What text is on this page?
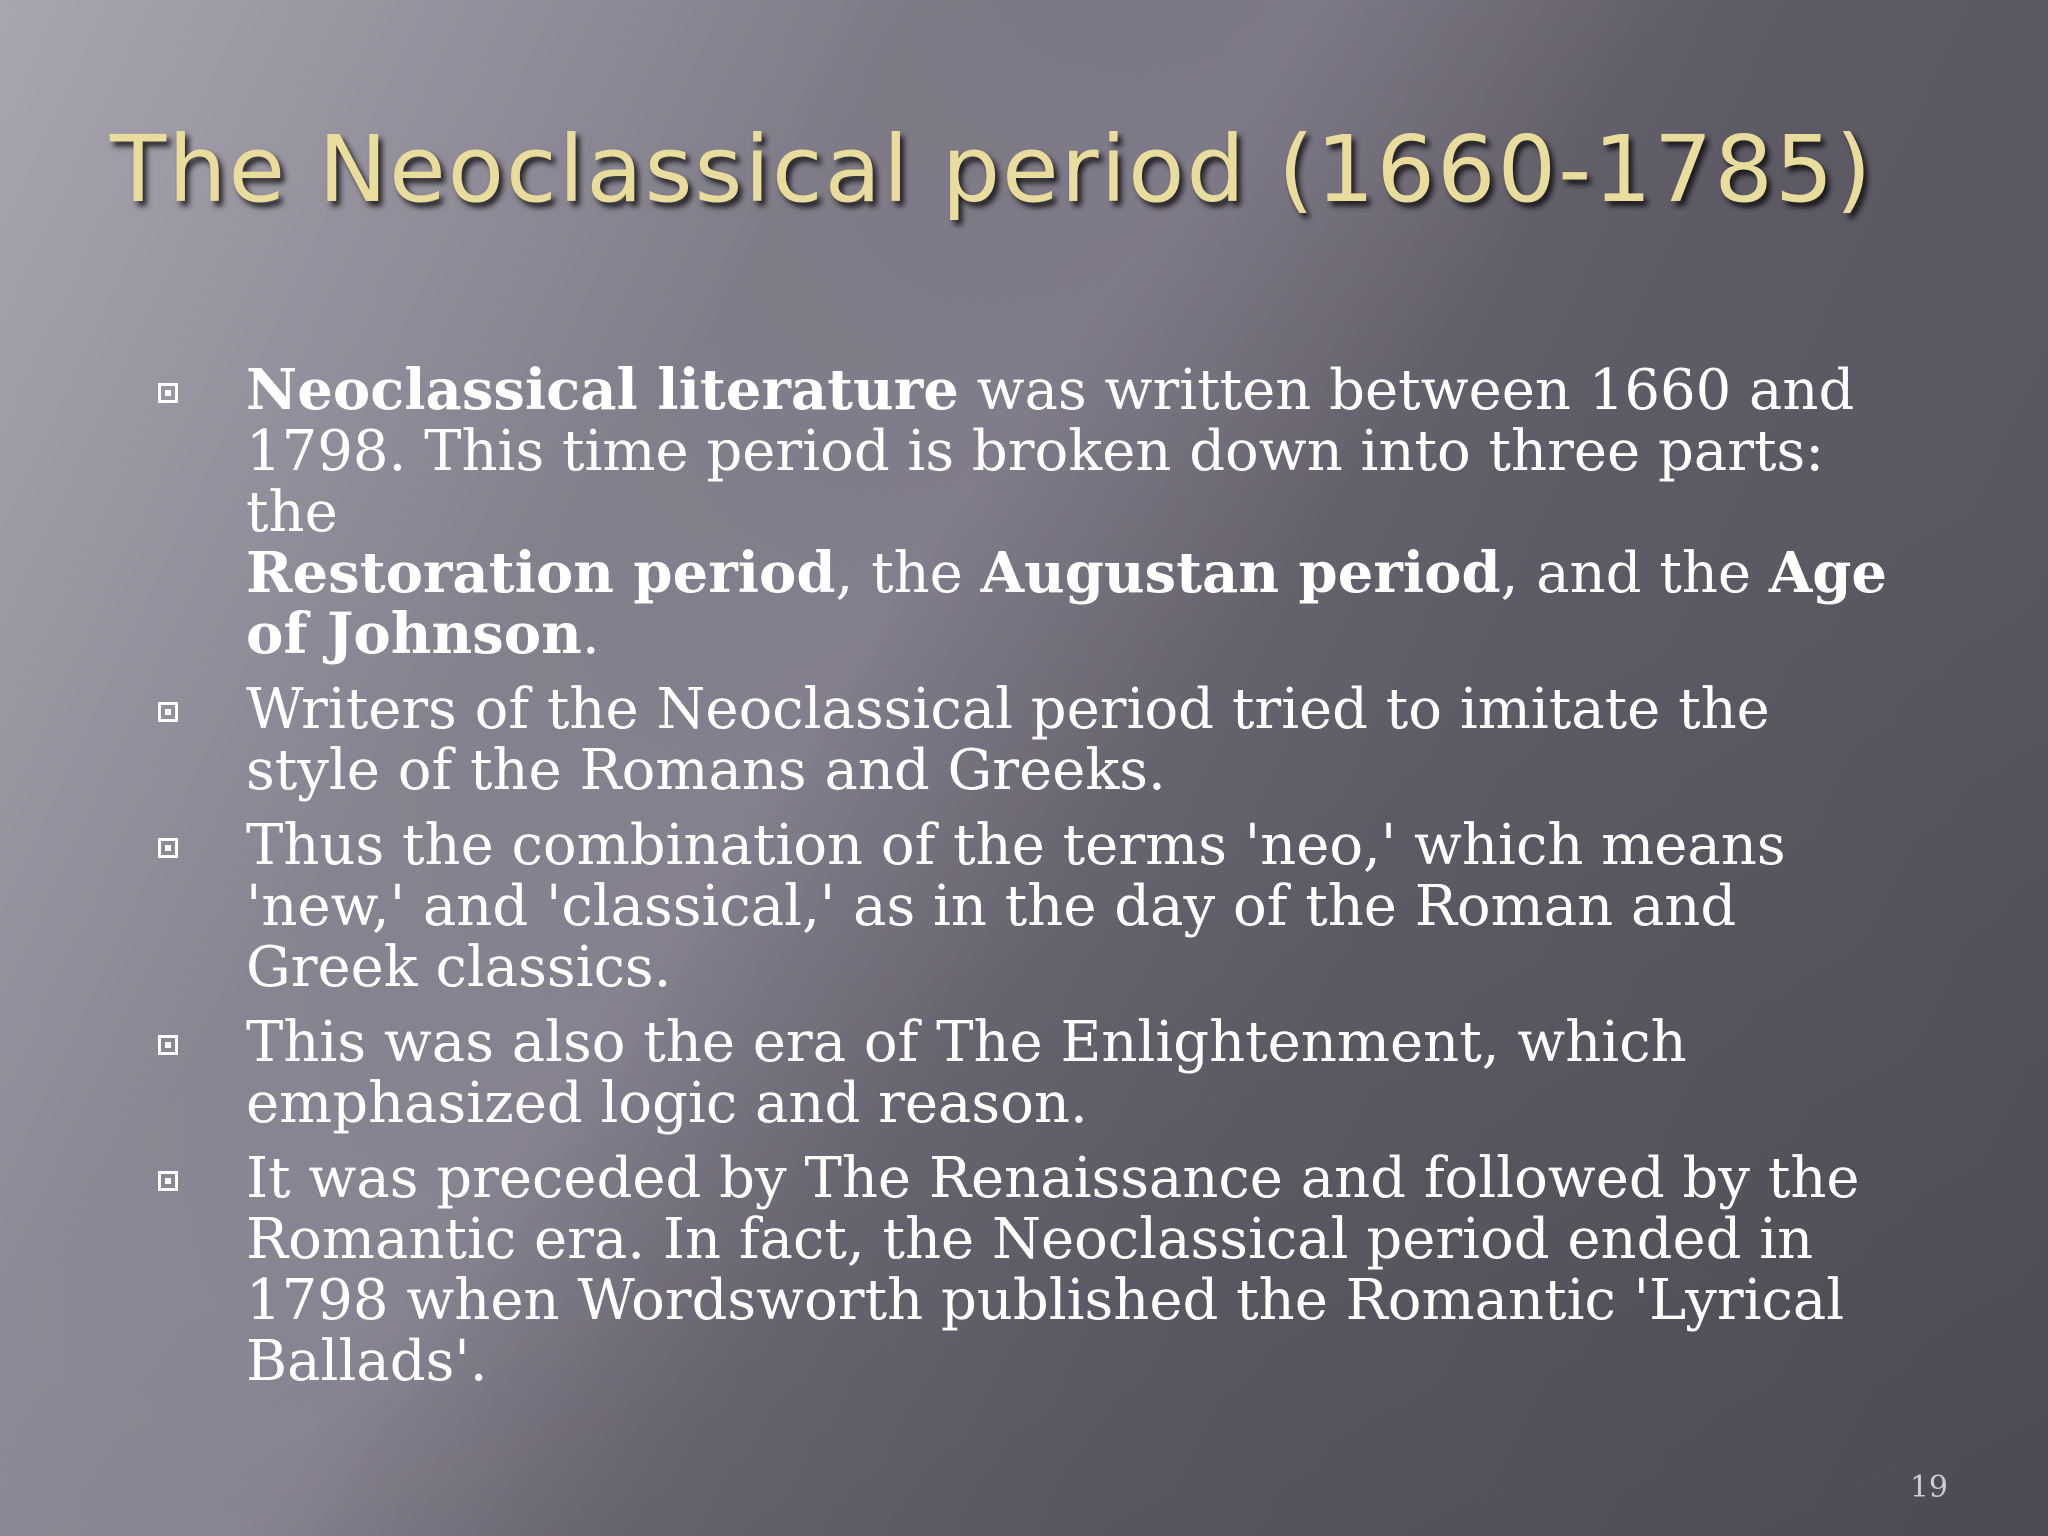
The Neoclassical period (1660-1785)
Neoclassical literature was written between 1660 and 1798. This time period is broken down into three parts: the
Restoration period, the Augustan period, and the Age of Johnson.
Writers of the Neoclassical period tried to imitate the style of the Romans and Greeks.
Thus the combination of the terms 'neo,' which means 'new,' and 'classical,' as in the day of the Roman and Greek classics.
This was also the era of The Enlightenment, which emphasized logic and reason.
It was preceded by The Renaissance and followed by the Romantic era. In fact, the Neoclassical period ended in 1798 when Wordsworth published the Romantic 'Lyrical Ballads'.
19
